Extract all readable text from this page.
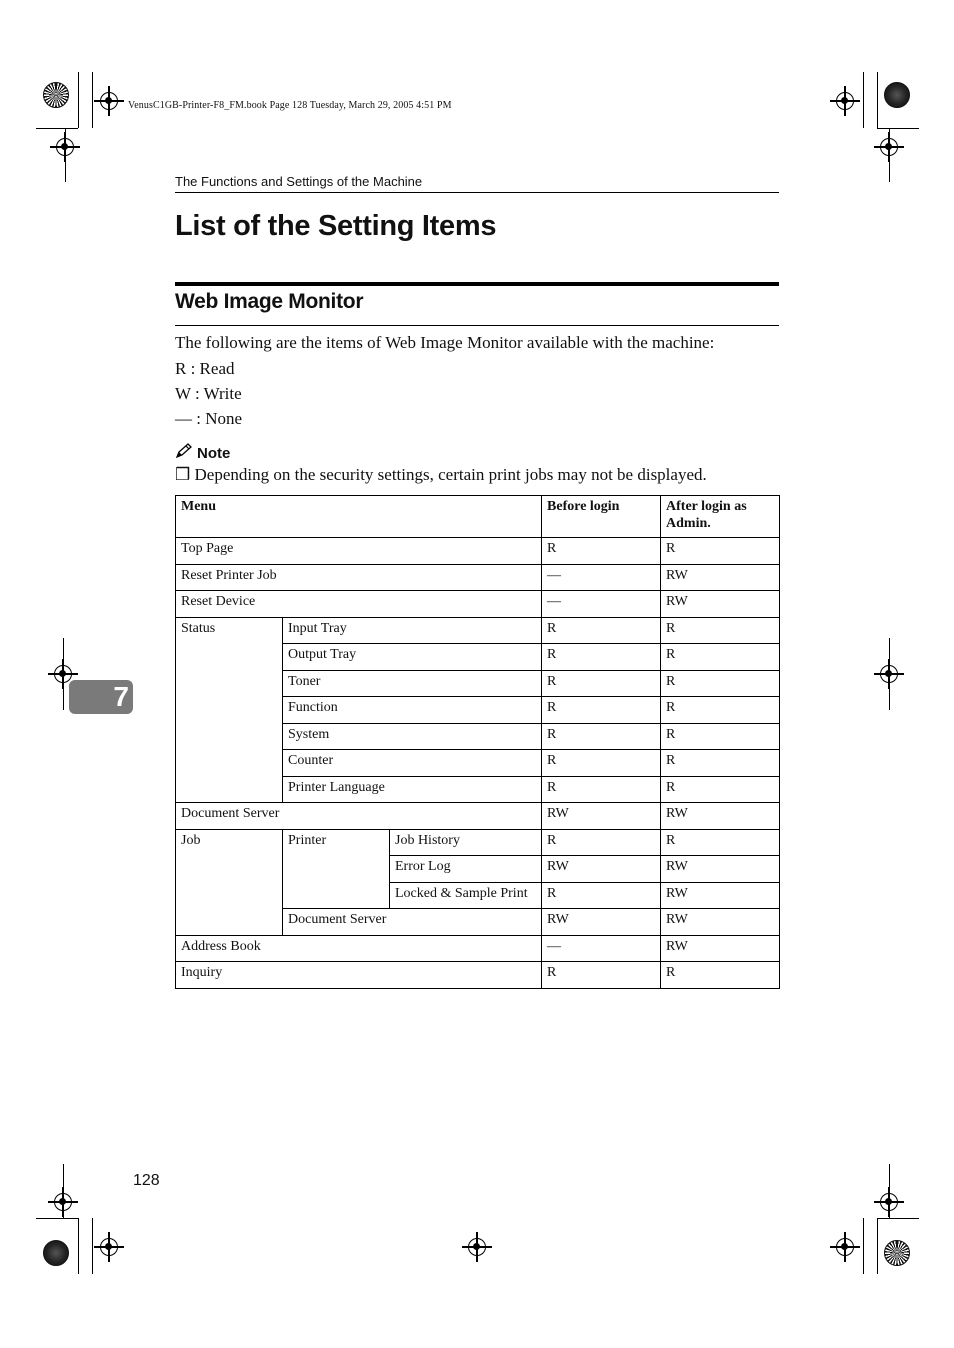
VenusC1GB-Printer-F8_FM.book Page 128 Tuesday, March 29, 2005 4:51 PM
The Functions and Settings of the Machine
List of the Setting Items
Web Image Monitor

The following are the items of Web Image Monitor available with the machine:

R : Read

W : Write

— : None

Note
❒ Depending on the security settings, certain print jobs may not be displayed.
7
Menu			Before login	After login as Admin.
Top Page			R	R
Reset Printer Job			—	RW
Reset Device			—	RW
Status	Input Tray		R	R
	Output Tray		R	R
	Toner		R	R
	Function		R	R
	System		R	R
	Counter		R	R
	Printer Language		R	R
Document Server			RW	RW
Job	Printer	Job History	R	R
		Error Log	RW	RW
		Locked & Sample Print	R	RW
	Document Server		RW	RW
Address Book			—	RW
Inquiry			R	R
128
